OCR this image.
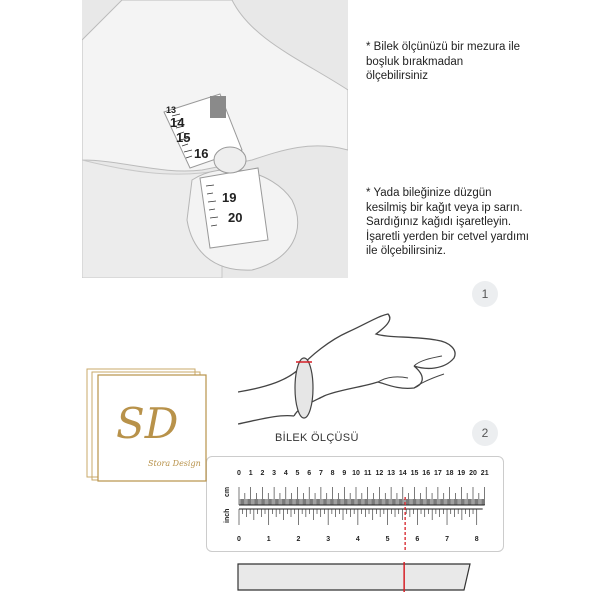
13
14
15
16
19
20
* Bilek ölçünüzü bir mezura ile
boşluk bırakmadan
ölçebilirsiniz
* Yada bileğinize düzgün
kesilmiş bir kağıt veya ip sarın.
Sardığınız kağıdı işaretleyin.
İşaretli yerden bir cetvel yardımı
ile ölçebilirsiniz.
1
2
BİLEK ÖLÇÜSÜ
0 1 2 3 4 5 6 7 8 9 10 11 12 13 14 15 16 17 18 19 20 21
0	1	2	3	4	5	6	7	8
cm
inch
SD
Stora Design
